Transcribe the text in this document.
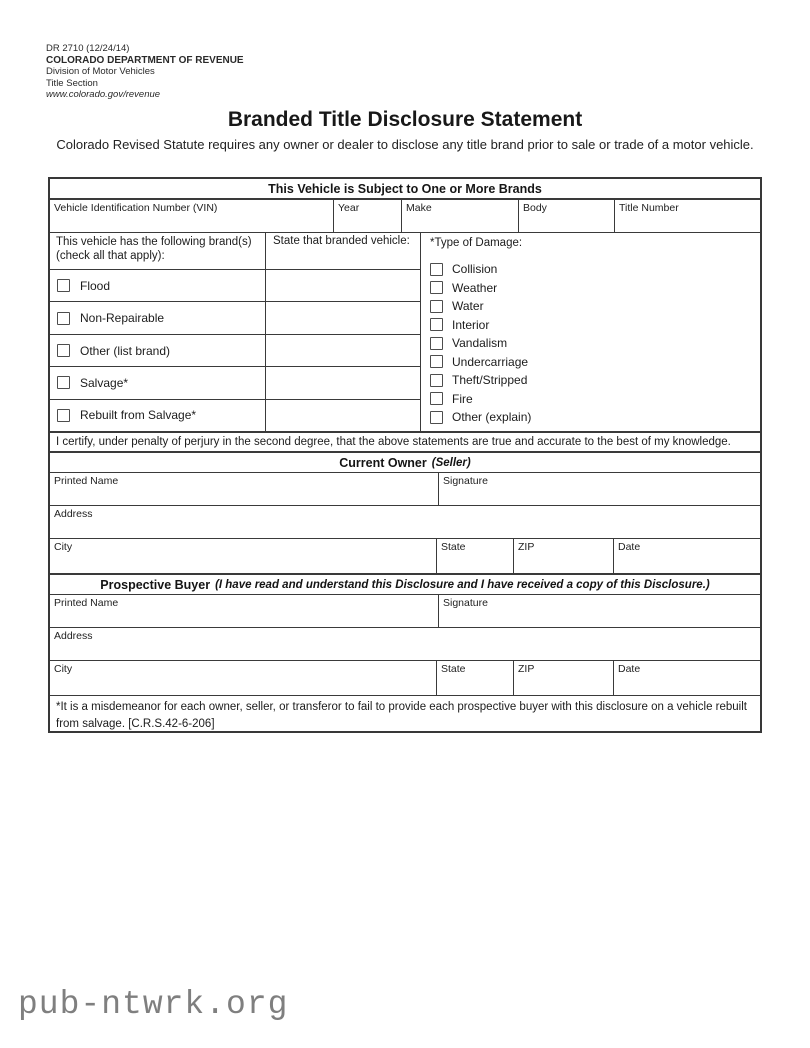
DR 2710 (12/24/14)
COLORADO DEPARTMENT OF REVENUE
Division of Motor Vehicles
Title Section
www.colorado.gov/revenue
Branded Title Disclosure Statement

Colorado Revised Statute requires any owner or dealer to disclose any title brand prior to sale or trade of a motor vehicle.

This Vehicle is Subject to One or More Brands
Vehicle Identification Number (VIN)	Year	Make	Body	Title Number
This vehicle has the following brand(s) (check all that apply):
State that branded vehicle:
Flood
Non-Repairable
Other (list brand)
Salvage*
Rebuilt from Salvage*
*Type of Damage:
Collision
Weather
Water
Interior
Vandalism
Undercarriage
Theft/Stripped
Fire
Other (explain)
I certify, under penalty of perjury in the second degree, that the above statements are true and accurate to the best of my knowledge.
Current Owner (Seller)
Printed Name	Signature
Address
City	State	ZIP	Date
Prospective Buyer (I have read and understand this Disclosure and I have received a copy of this Disclosure.)
Printed Name	Signature
Address
City	State	ZIP	Date
*It is a misdemeanor for each owner, seller, or transferor to fail to provide each prospective buyer with this disclosure on a vehicle rebuilt from salvage. [C.R.S.42-6-206]
pub-ntwrk.org
